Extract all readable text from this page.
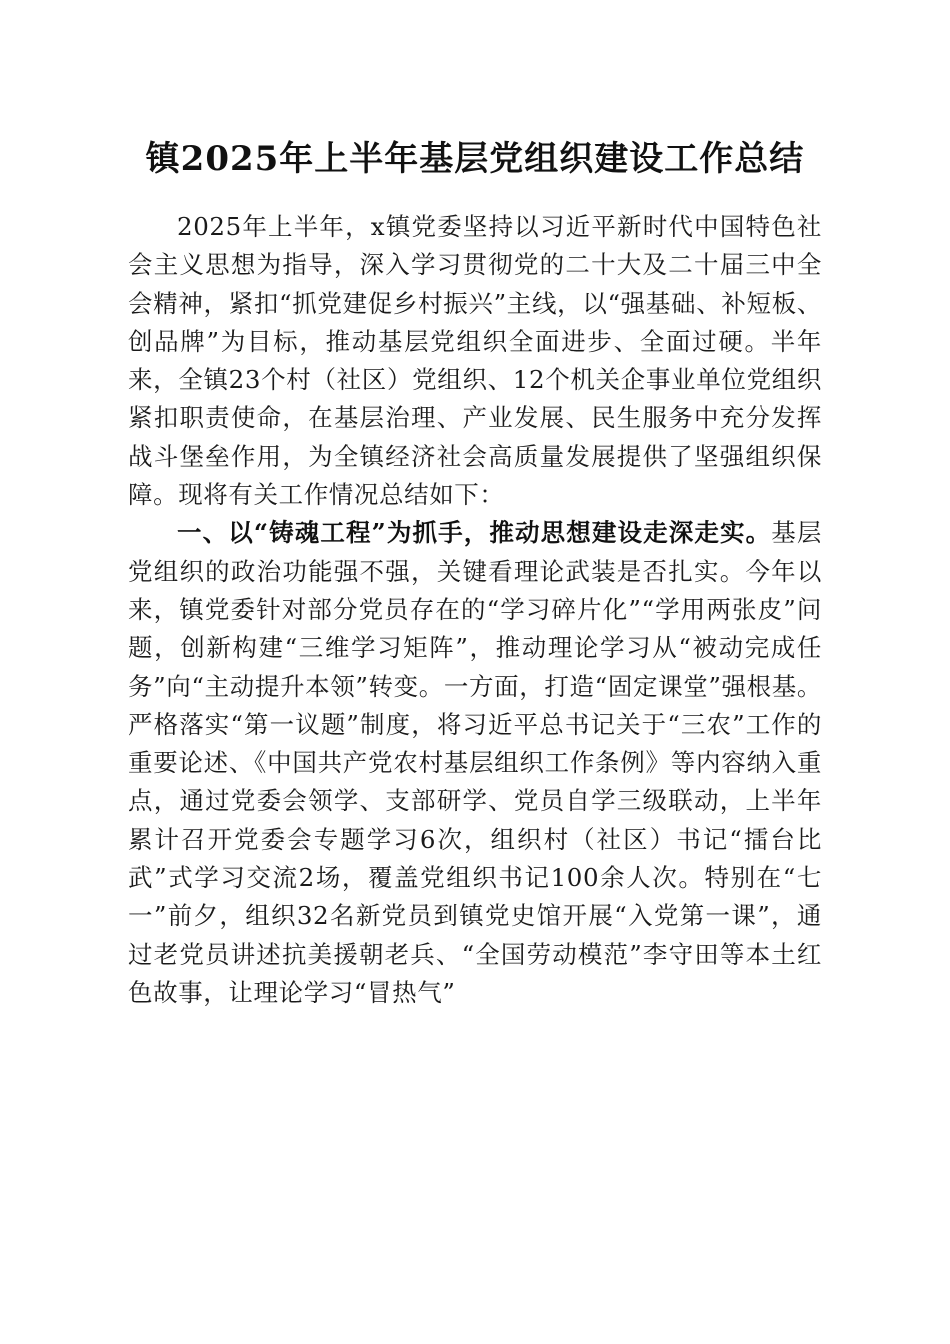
镇2025年上半年基层党组织建设工作总结

2025年上半年，x镇党委坚持以习近平新时代中国特色社会主义思想为指导，深入学习贯彻党的二十大及二十届三中全会精神，紧扣“抓党建促乡村振兴”主线，以“强基础、补短板、创品牌”为目标，推动基层党组织全面进步、全面过硬。半年来，全镇23个村（社区）党组织、12个机关企事业单位党组织紧扣职责使命，在基层治理、产业发展、民生服务中充分发挥战斗堡垒作用，为全镇经济社会高质量发展提供了坚强组织保障。现将有关工作情况总结如下：

一、以“铸魂工程”为抓手，推动思想建设走深走实。基层党组织的政治功能强不强，关键看理论武装是否扎实。今年以来，镇党委针对部分党员存在的“学习碎片化”“学用两张皮”问题，创新构建“三维学习矩阵”，推动理论学习从“被动完成任务”向“主动提升本领”转变。一方面，打造“固定课堂”强根基。严格落实“第一议题”制度，将习近平总书记关于“三农”工作的重要论述、《中国共产党农村基层组织工作条例》等内容纳入重点，通过党委会领学、支部研学、党员自学三级联动，上半年累计召开党委会专题学习6次，组织村（社区）书记“擂台比武”式学习交流2场，覆盖党组织书记100余人次。特别在“七一”前夕，组织32名新党员到镇党史馆开展“入党第一课”，通过老党员讲述抗美援朝老兵、“全国劳动模范”李守田等本土红色故事，让理论学习“冒热气”
